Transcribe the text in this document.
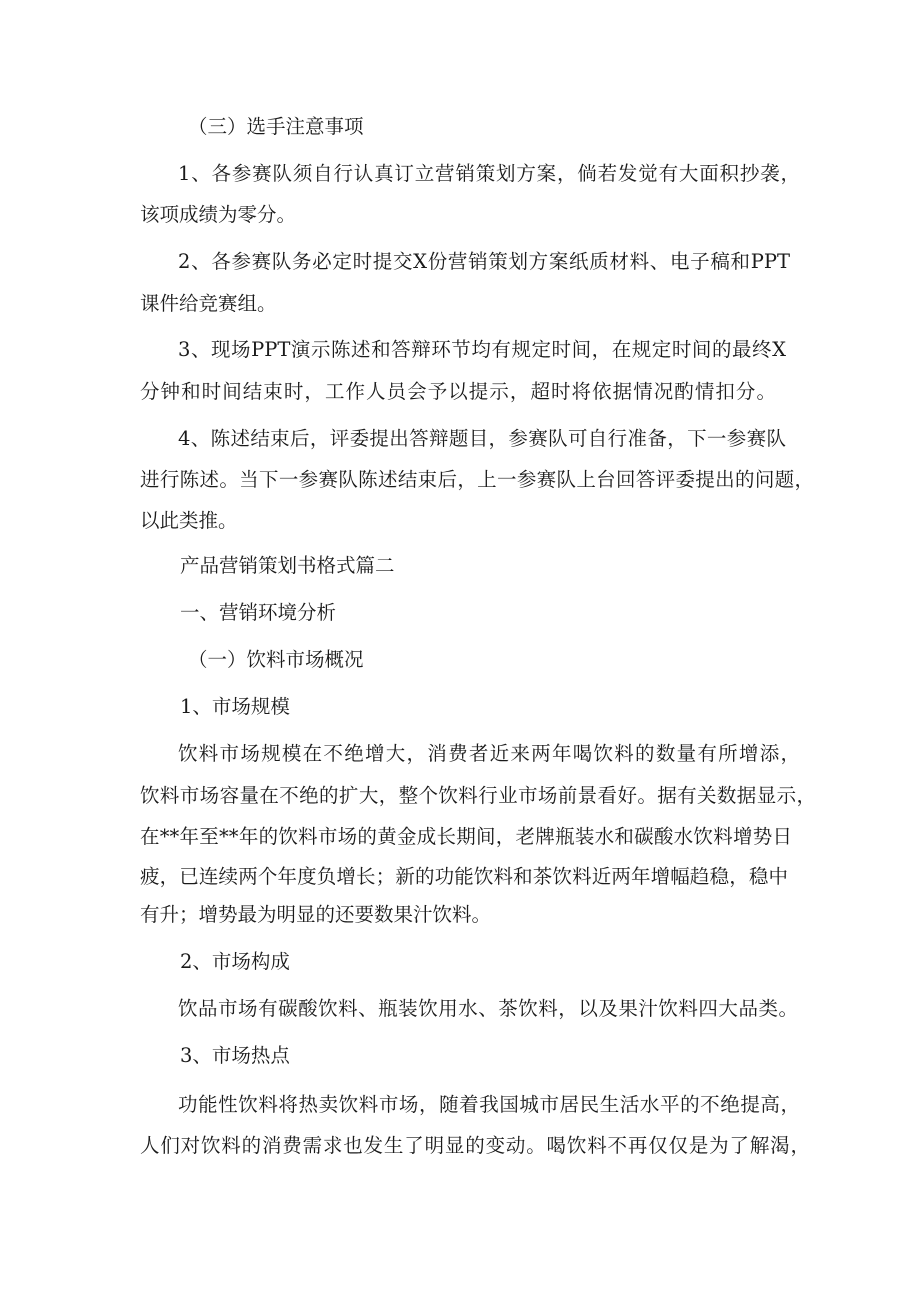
（三）选手注意事项
1、各参赛队须自行认真订立营销策划方案，倘若发觉有大面积抄袭，
该项成绩为零分。
2、各参赛队务必定时提交X份营销策划方案纸质材料、电子稿和PPT
课件给竞赛组。
3、现场PPT演示陈述和答辩环节均有规定时间，在规定时间的最终X
分钟和时间结束时，工作人员会予以提示，超时将依据情况酌情扣分。
4、陈述结束后，评委提出答辩题目，参赛队可自行准备，下一参赛队
进行陈述。当下一参赛队陈述结束后，上一参赛队上台回答评委提出的问题，
以此类推。
产品营销策划书格式篇二
一、营销环境分析
（一）饮料市场概况
1、市场规模
饮料市场规模在不绝增大，消费者近来两年喝饮料的数量有所增添，
饮料市场容量在不绝的扩大，整个饮料行业市场前景看好。据有关数据显示，
在**年至**年的饮料市场的黄金成长期间，老牌瓶装水和碳酸水饮料增势日
疲，已连续两个年度负增长；新的功能饮料和茶饮料近两年增幅趋稳，稳中
有升；增势最为明显的还要数果汁饮料。
2、市场构成
饮品市场有碳酸饮料、瓶装饮用水、茶饮料，以及果汁饮料四大品类。
3、市场热点
功能性饮料将热卖饮料市场，随着我国城市居民生活水平的不绝提高，
人们对饮料的消费需求也发生了明显的变动。喝饮料不再仅仅是为了解渴，
